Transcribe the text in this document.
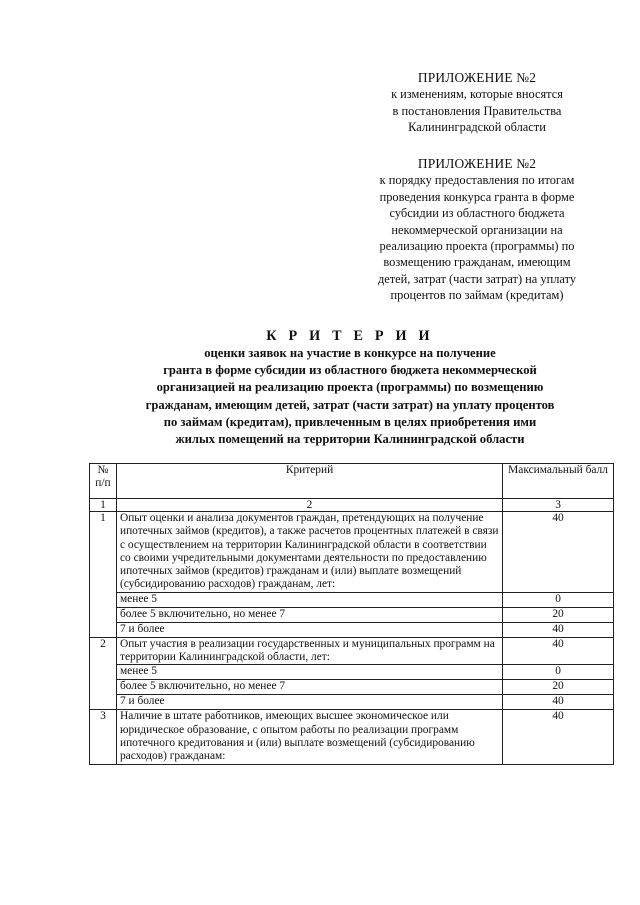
ПРИЛОЖЕНИЕ №2
к изменениям, которые вносятся
в постановления Правительства
Калининградской области
ПРИЛОЖЕНИЕ №2
к порядку предоставления по итогам
проведения конкурса гранта в форме
субсидии из областного бюджета
некоммерческой организации на
реализацию проекта (программы) по
возмещению гражданам, имеющим
детей, затрат (части затрат) на уплату
процентов по займам (кредитам)
К Р И Т Е Р И И
оценки заявок на участие в конкурсе на получение
гранта в форме субсидии из областного бюджета некоммерческой
организацией на реализацию проекта (программы) по возмещению
гражданам, имеющим детей, затрат (части затрат) на уплату процентов
по займам (кредитам), привлеченным в целях приобретения ими
жилых помещений на территории Калининградской области
№ п/п	Критерий	Максимальный балл
1	2	3
1	Опыт оценки и анализа документов граждан, претендующих на получение ипотечных займов (кредитов), а также расчетов процентных платежей в связи с осуществлением на территории Калининградской области в соответствии со своими учредительными документами деятельности по предоставлению ипотечных займов (кредитов) гражданам и (или) выплате возмещений (субсидированию расходов) гражданам, лет:	40
	менее 5	0
	более 5 включительно, но менее 7	20
	7 и более	40
2	Опыт участия в реализации государственных и муниципальных программ на территории Калининградской области, лет:	40
	менее 5	0
	более 5 включительно, но менее 7	20
	7 и более	40
3	Наличие в штате работников, имеющих высшее экономическое или юридическое образование, с опытом работы по реализации программ ипотечного кредитования и (или) выплате возмещений (субсидированию расходов) гражданам:	40
